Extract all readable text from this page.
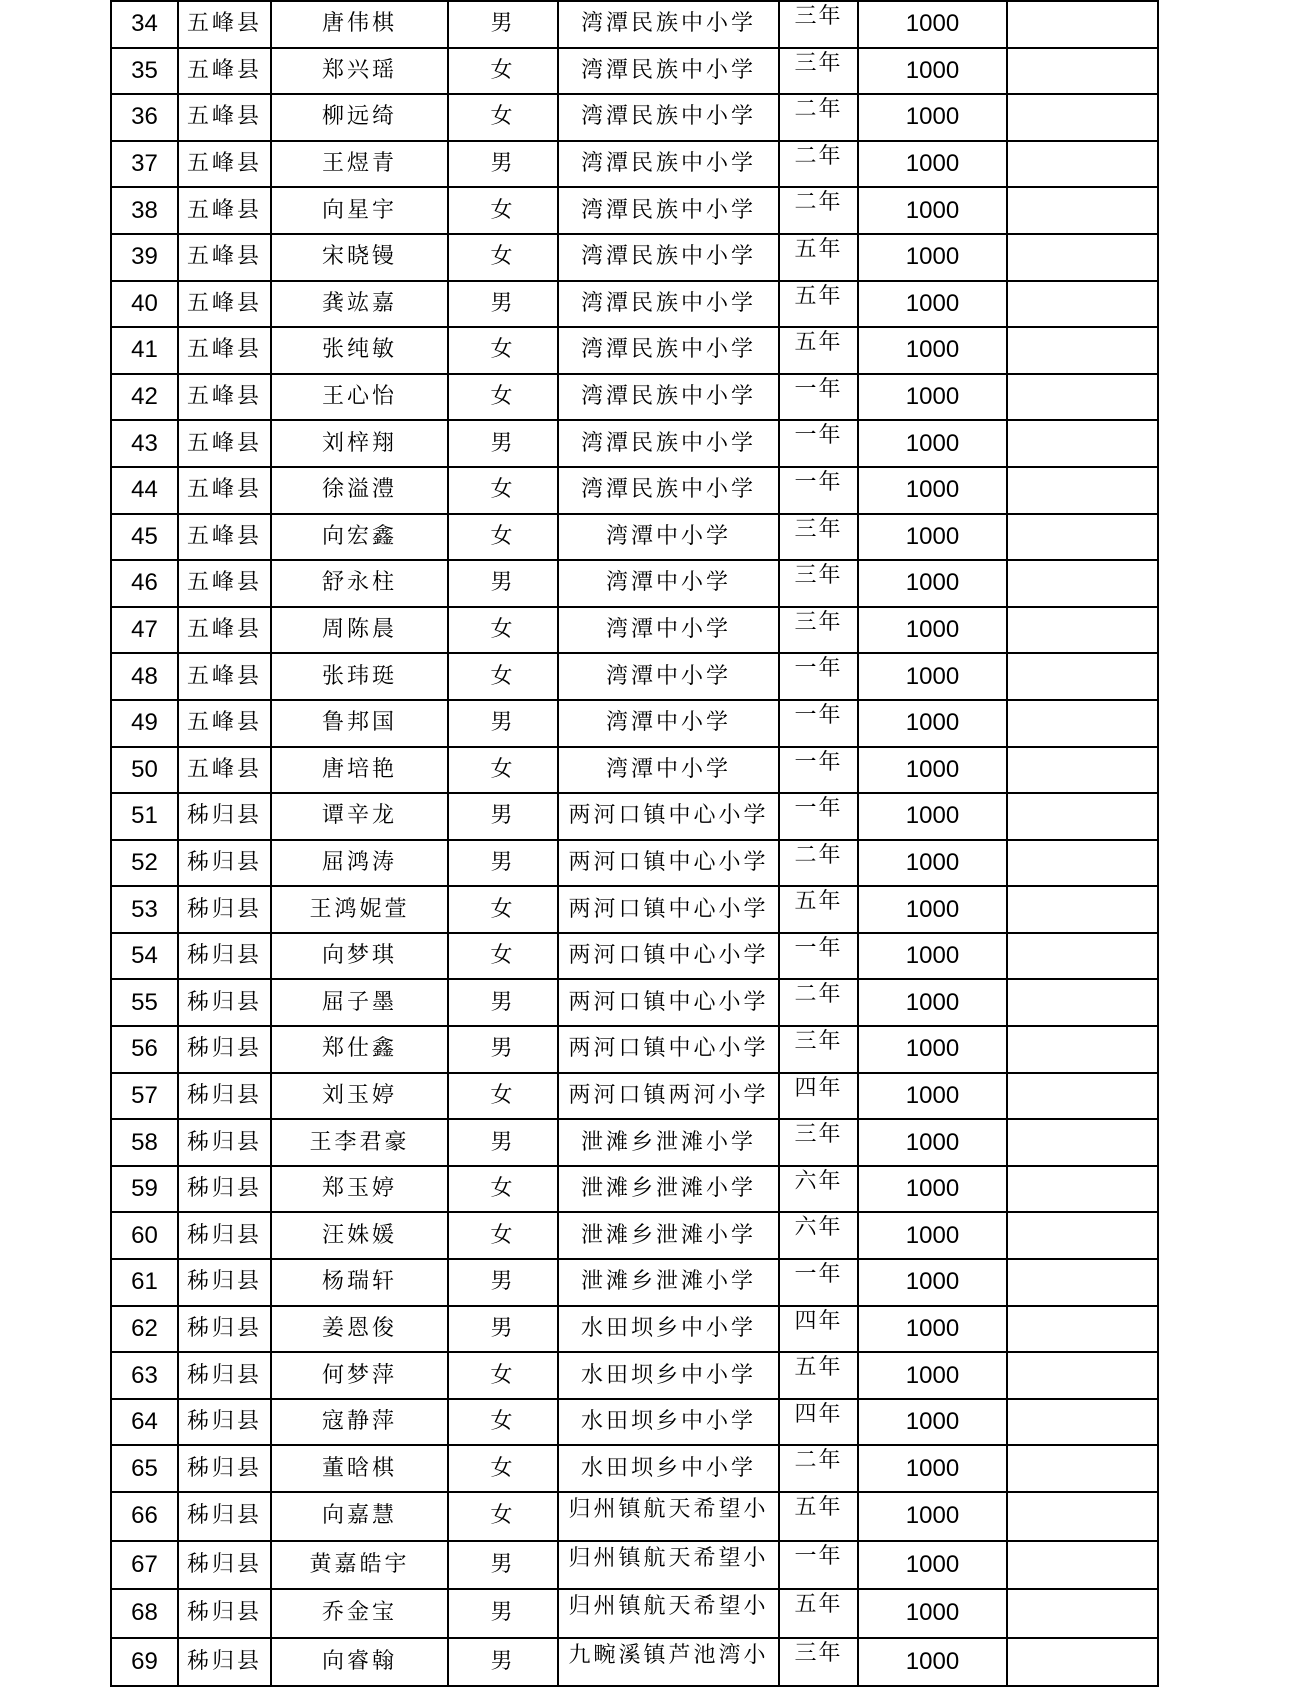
34	五峰县	唐伟棋	男	湾潭民族中小学	三年	1000	
35	五峰县	郑兴瑶	女	湾潭民族中小学	三年	1000	
36	五峰县	柳远绮	女	湾潭民族中小学	二年	1000	
37	五峰县	王煜青	男	湾潭民族中小学	二年	1000	
38	五峰县	向星宇	女	湾潭民族中小学	二年	1000	
39	五峰县	宋晓镘	女	湾潭民族中小学	五年	1000	
40	五峰县	龚竑嘉	男	湾潭民族中小学	五年	1000	
41	五峰县	张纯敏	女	湾潭民族中小学	五年	1000	
42	五峰县	王心怡	女	湾潭民族中小学	一年	1000	
43	五峰县	刘梓翔	男	湾潭民族中小学	一年	1000	
44	五峰县	徐溢澧	女	湾潭民族中小学	一年	1000	
45	五峰县	向宏鑫	女	湾潭中小学	三年	1000	
46	五峰县	舒永柱	男	湾潭中小学	三年	1000	
47	五峰县	周陈晨	女	湾潭中小学	三年	1000	
48	五峰县	张玮珽	女	湾潭中小学	一年	1000	
49	五峰县	鲁邦国	男	湾潭中小学	一年	1000	
50	五峰县	唐培艳	女	湾潭中小学	一年	1000	
51	秭归县	谭辛龙	男	两河口镇中心小学	一年	1000	
52	秭归县	屈鸿涛	男	两河口镇中心小学	二年	1000	
53	秭归县	王鸿妮萱	女	两河口镇中心小学	五年	1000	
54	秭归县	向梦琪	女	两河口镇中心小学	一年	1000	
55	秭归县	屈子墨	男	两河口镇中心小学	二年	1000	
56	秭归县	郑仕鑫	男	两河口镇中心小学	三年	1000	
57	秭归县	刘玉婷	女	两河口镇两河小学	四年	1000	
58	秭归县	王李君豪	男	泄滩乡泄滩小学	三年	1000	
59	秭归县	郑玉婷	女	泄滩乡泄滩小学	六年	1000	
60	秭归县	汪姝媛	女	泄滩乡泄滩小学	六年	1000	
61	秭归县	杨瑞轩	男	泄滩乡泄滩小学	一年	1000	
62	秭归县	姜恩俊	男	水田坝乡中小学	四年	1000	
63	秭归县	何梦萍	女	水田坝乡中小学	五年	1000	
64	秭归县	寇静萍	女	水田坝乡中小学	四年	1000	
65	秭归县	董晗棋	女	水田坝乡中小学	二年	1000	
66	秭归县	向嘉慧	女	归州镇航天希望小	五年	1000	
67	秭归县	黄嘉皓宇	男	归州镇航天希望小	一年	1000	
68	秭归县	乔金宝	男	归州镇航天希望小	五年	1000	
69	秭归县	向睿翰	男	九畹溪镇芦池湾小	三年	1000	
